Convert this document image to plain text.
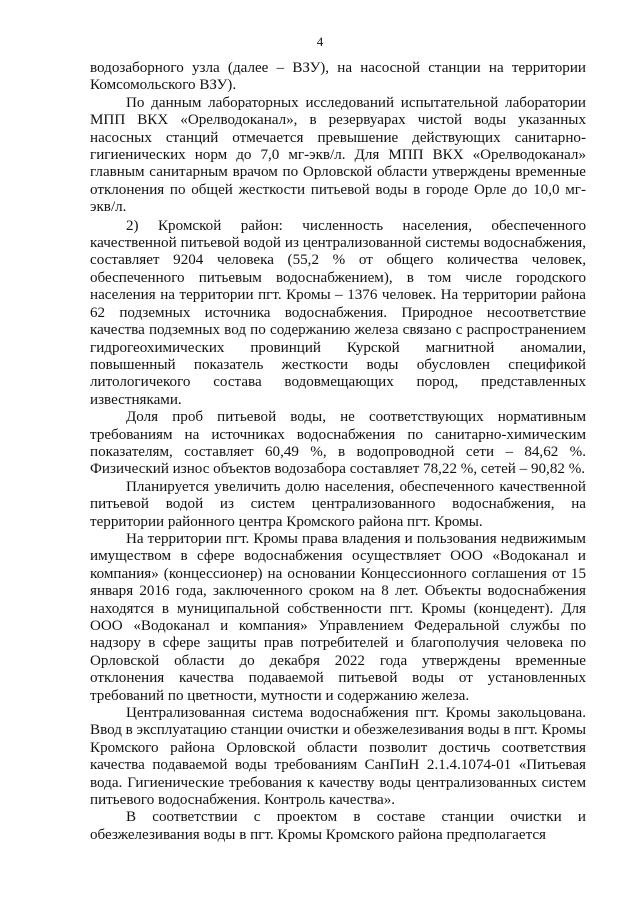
4

водозаборного узла (далее – ВЗУ), на насосной станции на территории Комсомольского ВЗУ).

По данным лабораторных исследований испытательной лаборатории МПП ВКХ «Орелводоканал», в резервуарах чистой воды указанных насосных станций отмечается превышение действующих санитарно-гигиенических норм до 7,0 мг-экв/л. Для МПП ВКХ «Орелводоканал» главным санитарным врачом по Орловской области утверждены временные отклонения по общей жесткости питьевой воды в городе Орле до 10,0 мг-экв/л.

2) Кромской район: численность населения, обеспеченного качественной питьевой водой из централизованной системы водоснабжения, составляет 9204 человека (55,2 % от общего количества человек, обеспеченного питьевым водоснабжением), в том числе городского населения на территории пгт. Кромы – 1376 человек. На территории района 62 подземных источника водоснабжения. Природное несоответствие качества подземных вод по содержанию железа связано с распространением гидрогеохимических провинций Курской магнитной аномалии, повышенный показатель жесткости воды обусловлен спецификой литологичекого состава водовмещающих пород, представленных известняками.

Доля проб питьевой воды, не соответствующих нормативным требованиям на источниках водоснабжения по санитарно-химическим показателям, составляет 60,49 %, в водопроводной сети – 84,62 %. Физический износ объектов водозабора составляет 78,22 %, сетей – 90,82 %.

Планируется увеличить долю населения, обеспеченного качественной питьевой водой из систем централизованного водоснабжения, на территории районного центра Кромского района пгт. Кромы.

На территории пгт. Кромы права владения и пользования недвижимым имуществом в сфере водоснабжения осуществляет ООО «Водоканал и компания» (концессионер) на основании Концессионного соглашения от 15 января 2016 года, заключенного сроком на 8 лет. Объекты водоснабжения находятся в муниципальной собственности пгт. Кромы (концедент). Для ООО «Водоканал и компания» Управлением Федеральной службы по надзору в сфере защиты прав потребителей и благополучия человека по Орловской области до декабря 2022 года утверждены временные отклонения качества подаваемой питьевой воды от установленных требований по цветности, мутности и содержанию железа.

Централизованная система водоснабжения пгт. Кромы закольцована. Ввод в эксплуатацию станции очистки и обезжелезивания воды в пгт. Кромы Кромского района Орловской области позволит достичь соответствия качества подаваемой воды требованиям СанПиН 2.1.4.1074-01 «Питьевая вода. Гигиенические требования к качеству воды централизованных систем питьевого водоснабжения. Контроль качества».

В соответствии с проектом в составе станции очистки и обезжелезивания воды в пгт. Кромы Кромского района предполагается
